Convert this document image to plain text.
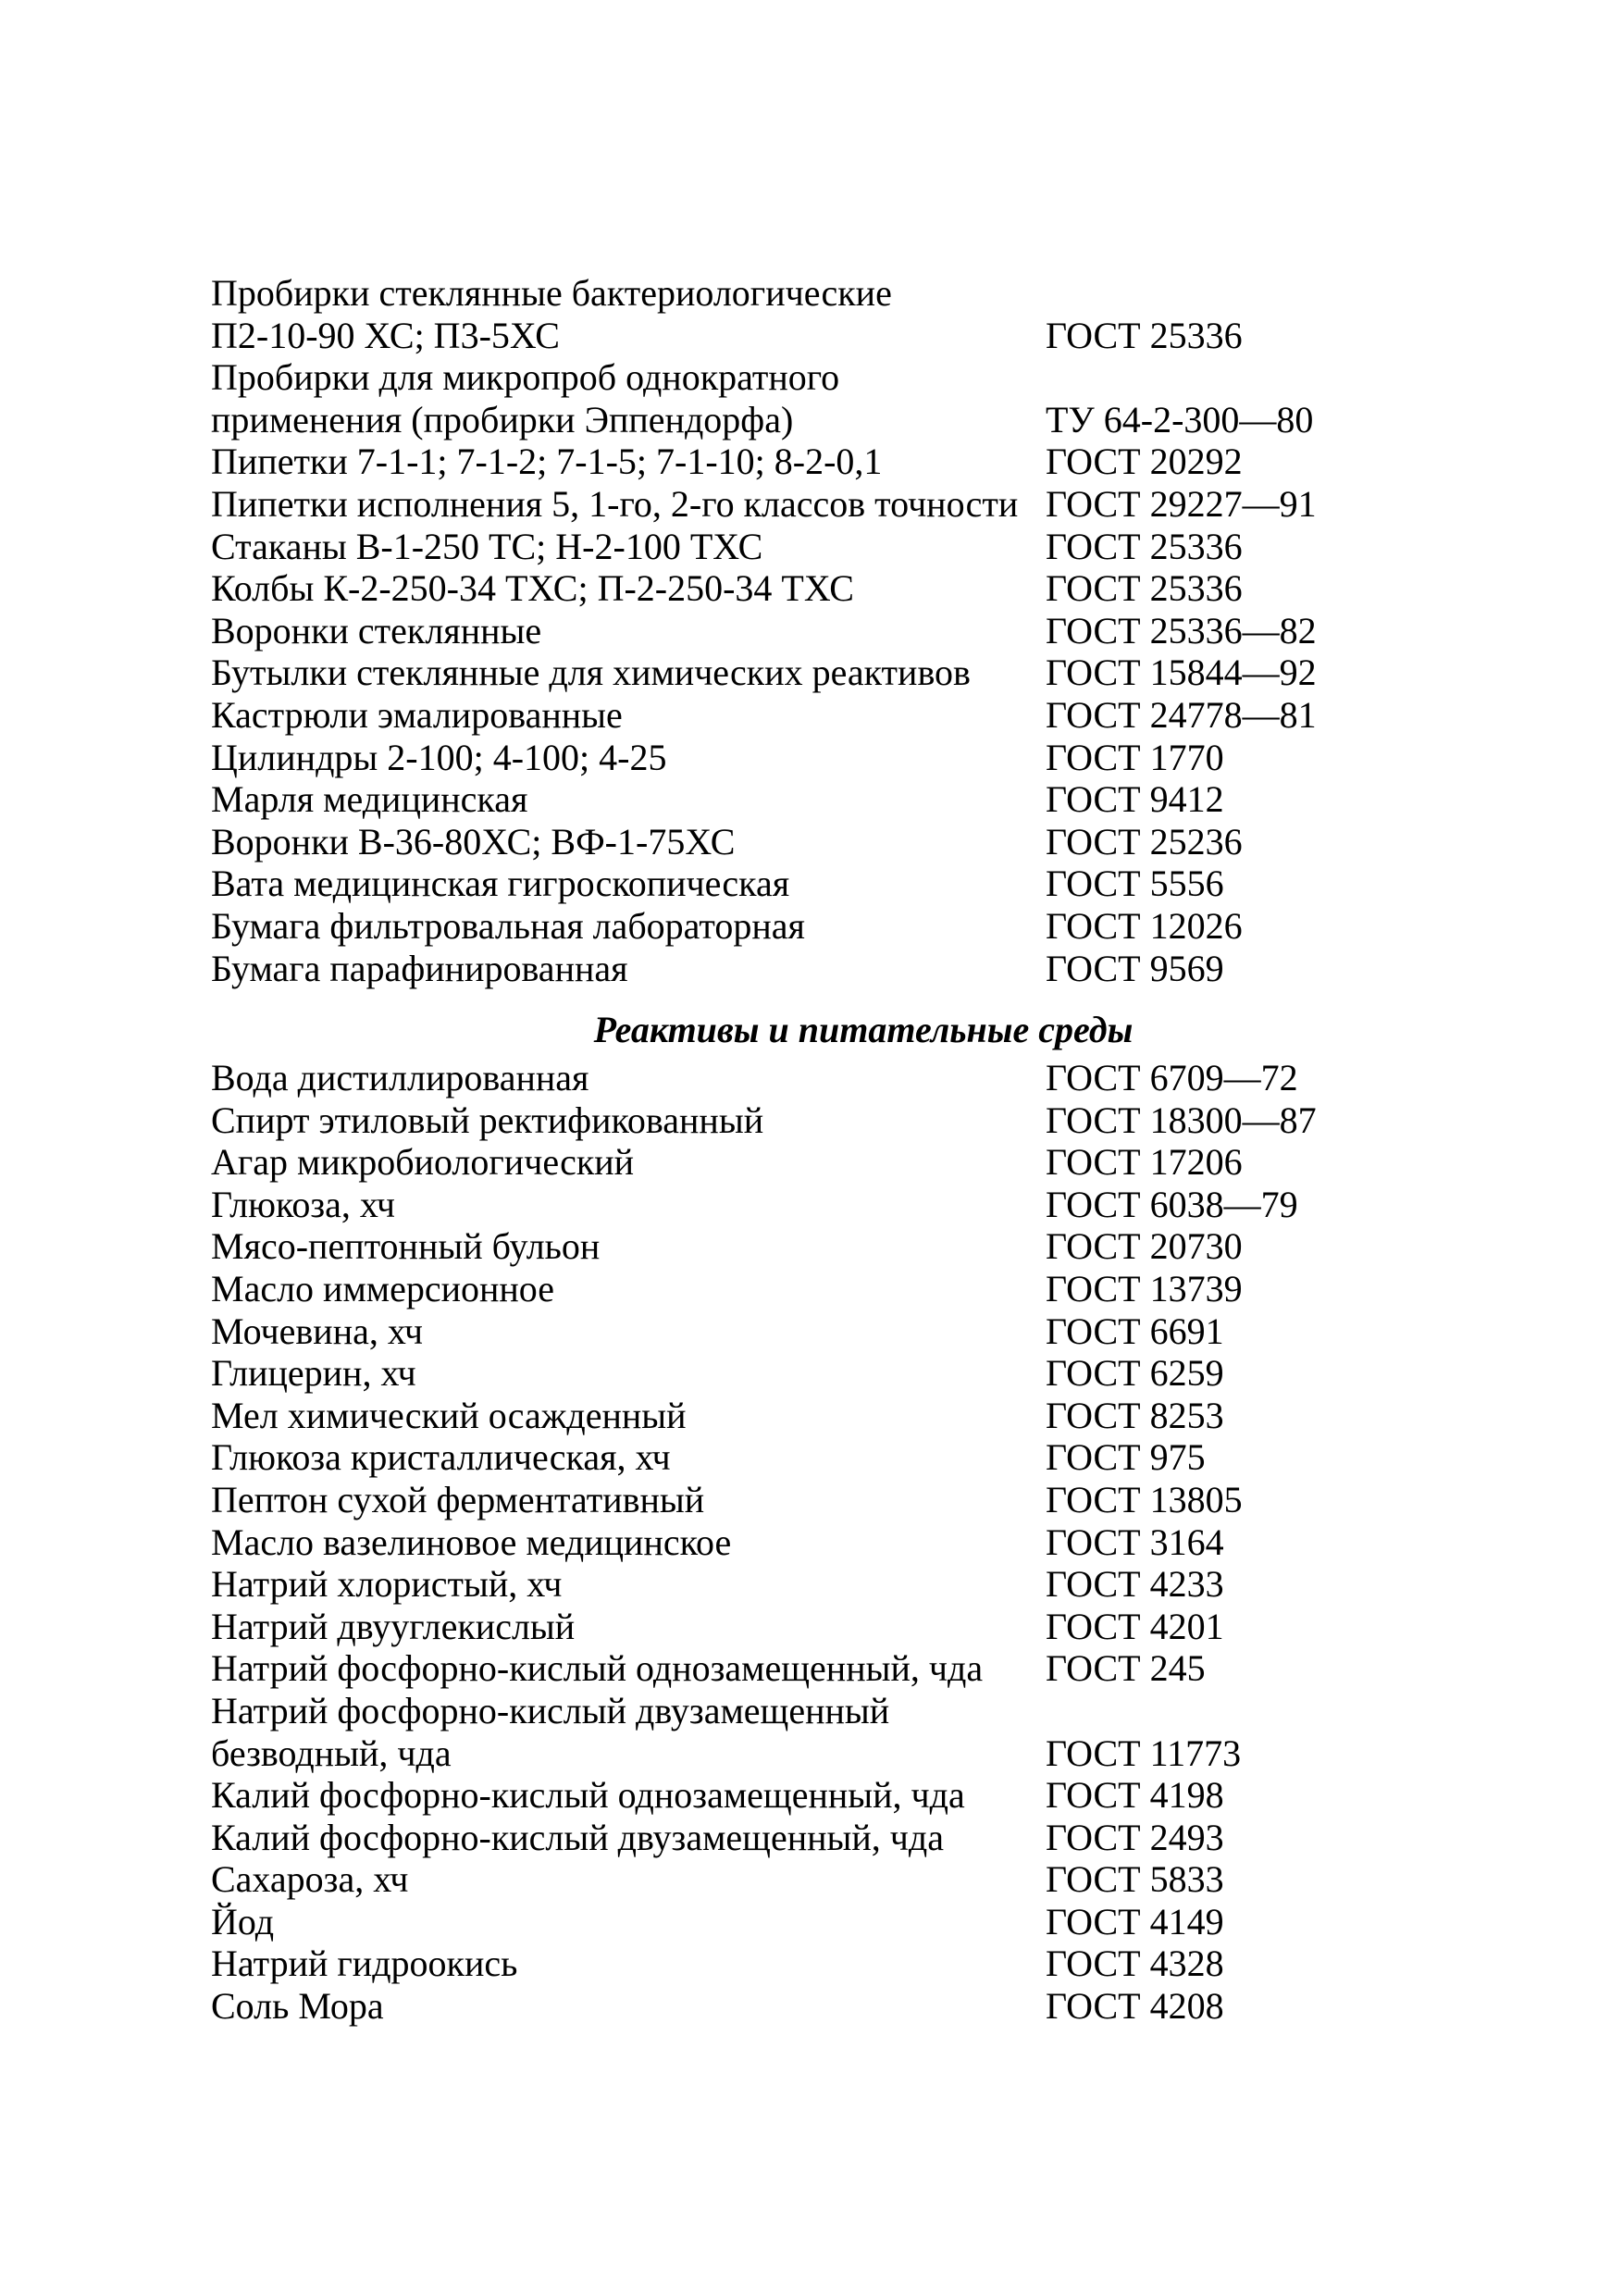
Пробирки стеклянные бактериологические
П2-10-90 ХС; П3-5ХС	ГОСТ 25336
Пробирки для микропроб однократного
применения (пробирки Эппендорфа)	ТУ 64-2-300—80
Пипетки 7-1-1; 7-1-2; 7-1-5; 7-1-10; 8-2-0,1	ГОСТ 20292
Пипетки исполнения 5, 1-го, 2-го классов точности ГОСТ 29227—91
Стаканы В-1-250 ТС; Н-2-100 ТХС	ГОСТ 25336
Колбы К-2-250-34 ТХС; П-2-250-34 ТХС	ГОСТ 25336
Воронки стеклянные	ГОСТ 25336—82
Бутылки стеклянные для химических реактивов ГОСТ 15844—92
Кастрюли эмалированные	ГОСТ 24778—81
Цилиндры 2-100; 4-100; 4-25	ГОСТ 1770
Марля медицинская	ГОСТ 9412
Воронки В-36-80ХС; ВФ-1-75ХС	ГОСТ 25236
Вата медицинская гигроскопическая	ГОСТ 5556
Бумага фильтровальная лабораторная	ГОСТ 12026
Бумага парафинированная	ГОСТ 9569
Реактивы и питательные среды
Вода дистиллированная	ГОСТ 6709—72
Спирт этиловый ректификованный	ГОСТ 18300—87
Агар микробиологический	ГОСТ 17206
Глюкоза, хч	ГОСТ 6038—79
Мясо-пептонный бульон	ГОСТ 20730
Масло иммерсионное	ГОСТ 13739
Мочевина, хч	ГОСТ 6691
Глицерин, хч	ГОСТ 6259
Мел химический осажденный	ГОСТ 8253
Глюкоза кристаллическая, хч	ГОСТ 975
Пептон сухой ферментативный	ГОСТ 13805
Масло вазелиновое медицинское	ГОСТ 3164
Натрий хлористый, хч	ГОСТ 4233
Натрий двууглекислый	ГОСТ 4201
Натрий фосфорно-кислый однозамещенный, чда ГОСТ 245
Натрий фосфорно-кислый двузамещенный
безводный, чда	ГОСТ 11773
Калий фосфорно-кислый однозамещенный, чда ГОСТ 4198
Калий фосфорно-кислый двузамещенный, чда	ГОСТ 2493
Сахароза, хч	ГОСТ 5833
Йод	ГОСТ 4149
Натрий гидроокись	ГОСТ 4328
Соль Мора	ГОСТ 4208
